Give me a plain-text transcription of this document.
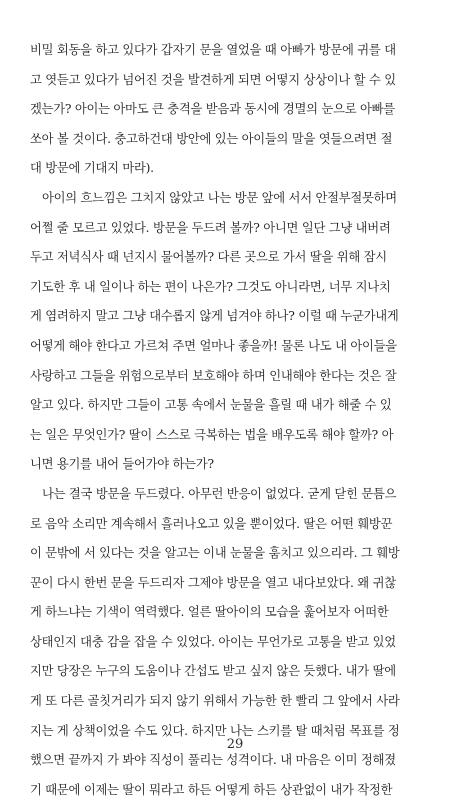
비밀 회동을 하고 있다가 갑자기 문을 열었을 때 아빠가 방문에 귀를 대
고 엿듣고 있다가 넘어진 것을 발견하게 되면 어떻지 상상이나 할 수 있
겠는가? 아이는 아마도 큰 충격을 받음과 동시에 경멸의 눈으로 아빠를
쏘아 볼 것이다. 충고하건대 방안에 있는 아이들의 말을 엿들으려면 절
대 방문에 기대지 마라).
아이의 흐느낌은 그치지 않았고 나는 방문 앞에 서서 안절부절못하며
어쩔 줄 모르고 있었다. 방문을 두드려 볼까? 아니면 일단 그냥 내버려
두고 저녁식사 때 넌지시 물어볼까? 다른 곳으로 가서 딸을 위해 잠시
기도한 후 내 일이나 하는 편이 나은가? 그것도 아니라면, 너무 지나치
게 염려하지 말고 그냥 대수롭지 않게 넘겨야 하나? 이럴 때 누군가내게
어떻게 해야 한다고 가르쳐 주면 얼마나 좋을까! 물론 나도 내 아이들을
사랑하고 그들을 위험으로부터 보호해야 하며 인내해야 한다는 것은 잘
알고 있다. 하지만 그들이 고통 속에서 눈물을 흘릴 때 내가 해줄 수 있
는 일은 무엇인가? 딸이 스스로 극복하는 법을 배우도록 해야 할까? 아
니면 용기를 내어 들어가야 하는가?
나는 결국 방문을 두드렸다. 아무런 반응이 없었다. 굳게 닫힌 문틈으
로 음악 소리만 계속해서 흘러나오고 있을 뿐이었다. 딸은 어떤 훼방꾼
이 문밖에 서 있다는 것을 알고는 이내 눈물을 훔치고 있으리라. 그 훼방
꾼이 다시 한번 문을 두드리자 그제야 방문을 열고 내다보았다. 왜 귀찮
게 하느냐는 기색이 역력했다. 얼른 딸아이의 모습을 훑어보자 어떠한
상태인지 대충 감을 잡을 수 있었다. 아이는 무언가로 고통을 받고 있었
지만 당장은 누구의 도움이나 간섭도 받고 싶지 않은 듯했다. 내가 딸에
게 또 다른 골칫거리가 되지 않기 위해서 가능한 한 빨리 그 앞에서 사라
지는 게 상책이었을 수도 있다. 하지만 나는 스키를 탈 때처럼 목표를 정
했으면 끝까지 가 봐야 직성이 풀리는 성격이다. 내 마음은 이미 정해졌
기 때문에 이제는 딸이 뭐라고 하든 어떻게 하든 상관없이 내가 작정한
29
